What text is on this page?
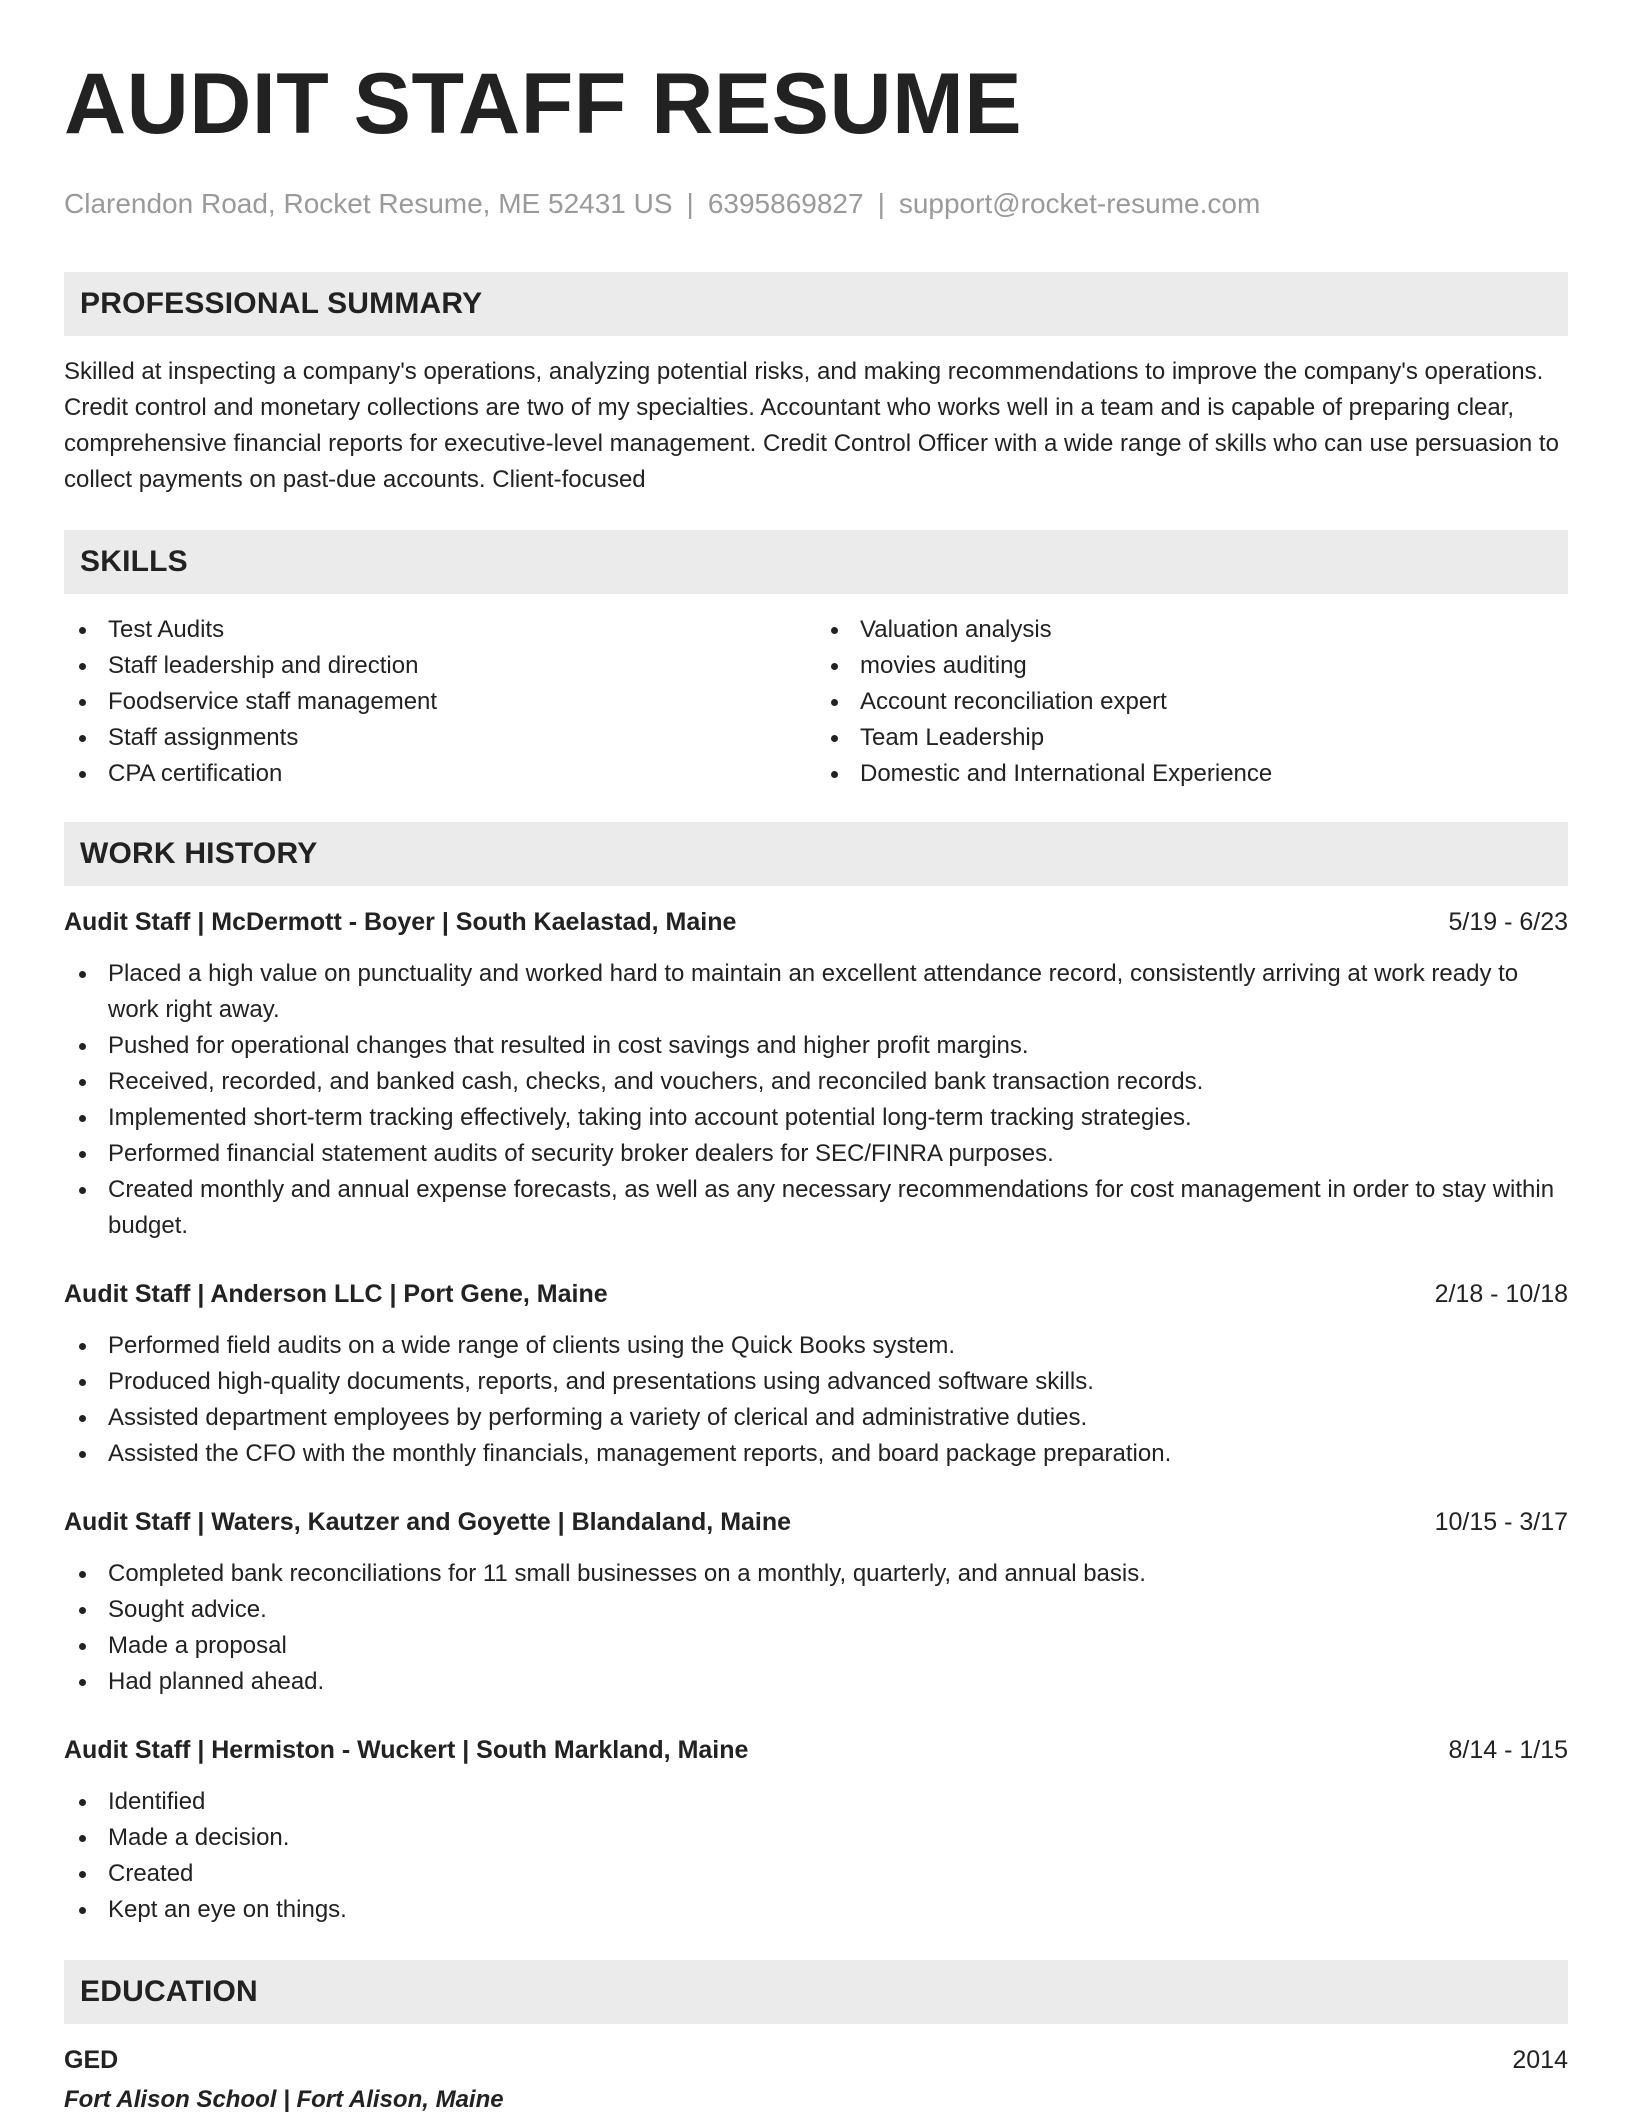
AUDIT STAFF RESUME
Clarendon Road, Rocket Resume, ME 52431 US | 6395869827 | support@rocket-resume.com
PROFESSIONAL SUMMARY
Skilled at inspecting a company's operations, analyzing potential risks, and making recommendations to improve the company's operations. Credit control and monetary collections are two of my specialties. Accountant who works well in a team and is capable of preparing clear, comprehensive financial reports for executive-level management. Credit Control Officer with a wide range of skills who can use persuasion to collect payments on past-due accounts. Client-focused
SKILLS
Test Audits
Staff leadership and direction
Foodservice staff management
Staff assignments
CPA certification
Valuation analysis
movies auditing
Account reconciliation expert
Team Leadership
Domestic and International Experience
WORK HISTORY
Audit Staff | McDermott - Boyer | South Kaelastad, Maine	5/19 - 6/23
Placed a high value on punctuality and worked hard to maintain an excellent attendance record, consistently arriving at work ready to work right away.
Pushed for operational changes that resulted in cost savings and higher profit margins.
Received, recorded, and banked cash, checks, and vouchers, and reconciled bank transaction records.
Implemented short-term tracking effectively, taking into account potential long-term tracking strategies.
Performed financial statement audits of security broker dealers for SEC/FINRA purposes.
Created monthly and annual expense forecasts, as well as any necessary recommendations for cost management in order to stay within budget.
Audit Staff | Anderson LLC | Port Gene, Maine	2/18 - 10/18
Performed field audits on a wide range of clients using the Quick Books system.
Produced high-quality documents, reports, and presentations using advanced software skills.
Assisted department employees by performing a variety of clerical and administrative duties.
Assisted the CFO with the monthly financials, management reports, and board package preparation.
Audit Staff | Waters, Kautzer and Goyette | Blandaland, Maine	10/15 - 3/17
Completed bank reconciliations for 11 small businesses on a monthly, quarterly, and annual basis.
Sought advice.
Made a proposal
Had planned ahead.
Audit Staff | Hermiston - Wuckert | South Markland, Maine	8/14 - 1/15
Identified
Made a decision.
Created
Kept an eye on things.
EDUCATION
GED	2014
Fort Alison School | Fort Alison, Maine
